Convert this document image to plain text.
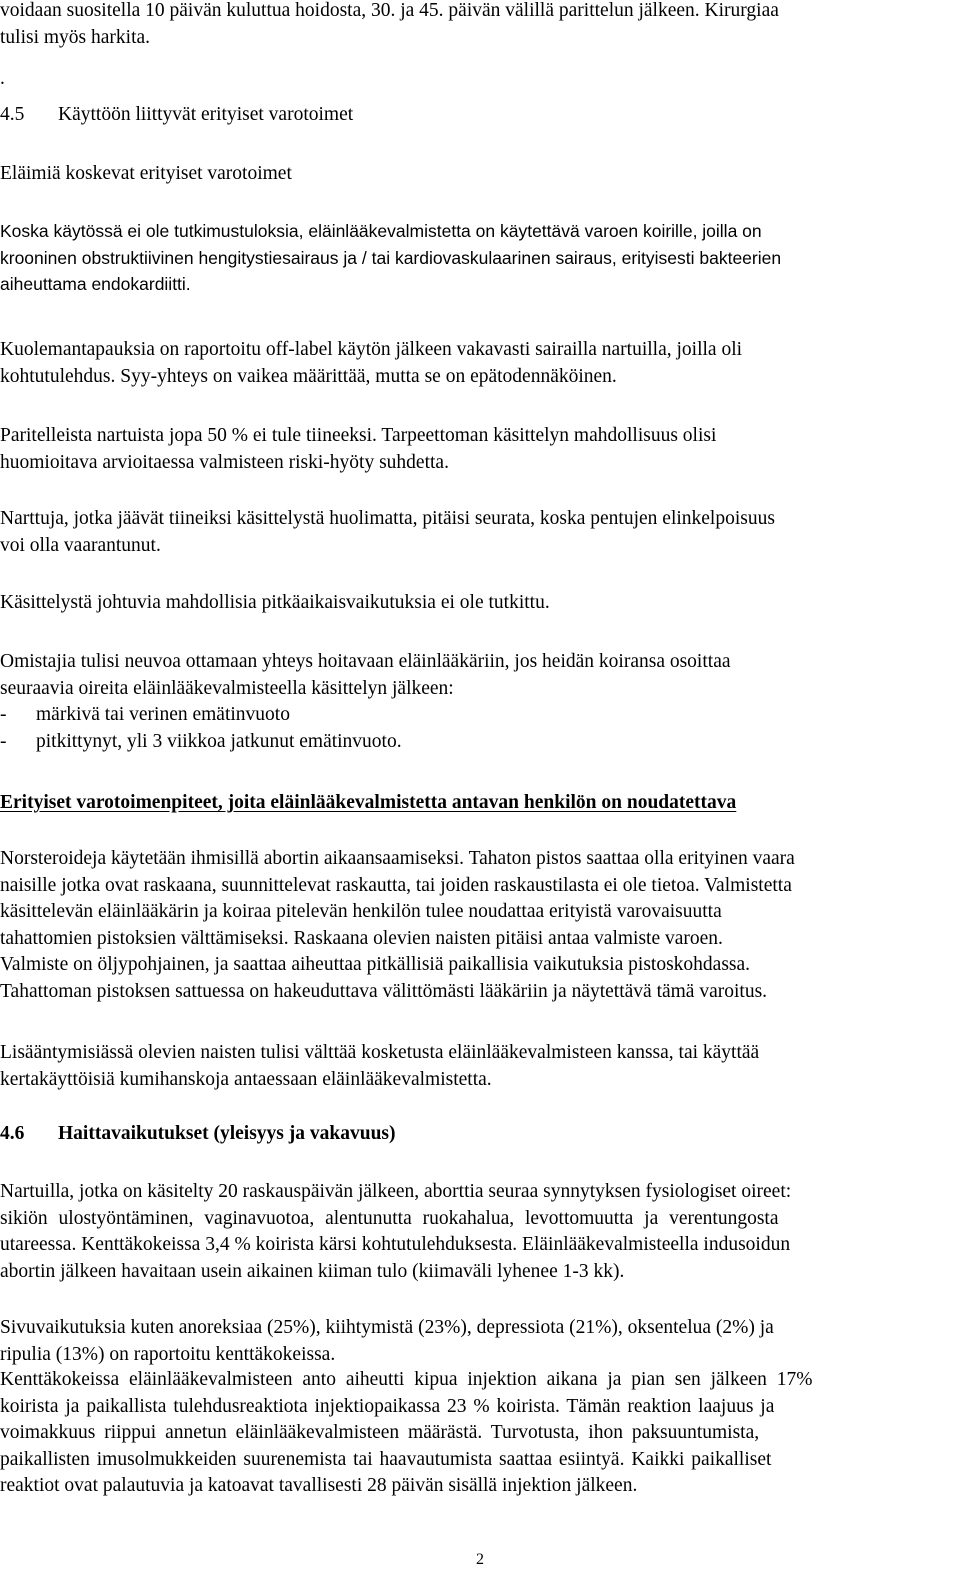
voidaan suositella 10 päivän kuluttua hoidosta, 30. ja 45. päivän välillä parittelun jälkeen. Kirurgiaa
tulisi myös harkita.
.
4.5 Käyttöön liittyvät erityiset varotoimet
Eläimiä koskevat erityiset varotoimet
Koska käytössä ei ole tutkimustuloksia, eläinlääkevalmistetta on käytettävä varoen koirille, joilla on
krooninen obstruktiivinen hengitystiesairaus ja / tai kardiovaskulaarinen sairaus, erityisesti bakteerien
aiheuttama endokardiitti.
Kuolemantapauksia on raportoitu off-label käytön jälkeen vakavasti sairailla nartuilla, joilla oli
kohtutulehdus. Syy-yhteys on vaikea määrittää, mutta se on epätodennäköinen.
Paritelleista nartuista jopa 50 % ei tule tiineeksi. Tarpeettoman käsittelyn mahdollisuus olisi
huomioitava arvioitaessa valmisteen riski-hyöty suhdetta.
Narttuja, jotka jäävät tiineiksi käsittelystä huolimatta, pitäisi seurata, koska pentujen elinkelpoisuus
voi olla vaarantunut.
Käsittelystä johtuvia mahdollisia pitkäaikaisvaikutuksia ei ole tutkittu.
Omistajia tulisi neuvoa ottamaan yhteys hoitavaan eläinlääkäriin, jos heidän koiransa osoittaa
seuraavia oireita eläinlääkevalmisteella käsittelyn jälkeen:
- märkivä tai verinen emätinvuoto
- pitkittynyt, yli 3 viikkoa jatkunut emätinvuoto.
Erityiset varotoimenpiteet, joita eläinlääkevalmistetta antavan henkilön on noudatettava
Norsteroideja käytetään ihmisillä abortin aikaansaamiseksi. Tahaton pistos saattaa olla erityinen vaara
naisille jotka ovat raskaana, suunnittelevat raskautta, tai joiden raskaustilasta ei ole tietoa. Valmistetta
käsittelevän eläinlääkärin ja koiraa pitelevän henkilön tulee noudattaa erityistä varovaisuutta
tahattomien pistoksien välttämiseksi. Raskaana olevien naisten pitäisi antaa valmiste varoen.
Valmiste on öljypohjainen, ja saattaa aiheuttaa pitkällisiä paikallisia vaikutuksia pistoskohdassa.
Tahattoman pistoksen sattuessa on hakeuduttava välittömästi lääkäriin ja näytettävä tämä varoitus.
Lisääntymisiässä olevien naisten tulisi välttää kosketusta eläinlääkevalmisteen kanssa, tai käyttää
kertakäyttöisiä kumihanskoja antaessaan eläinlääkevalmistetta.
4.6 Haittavaikutukset (yleisyys ja vakavuus)
Nartuilla, jotka on käsitelty 20 raskauspäivän jälkeen, aborttia seuraa synnytyksen fysiologiset oireet:
sikiön ulostyöntäminen, vaginavuotoa, alentunutta ruokahalua, levottomuutta ja verentungosta
utareessa. Kenttäkokeissa 3,4 % koirista kärsi kohtutulehduksesta. Eläinlääkevalmisteella indusoidun
abortin jälkeen havaitaan usein aikainen kiiman tulo (kiimaväli lyhenee 1-3 kk).
Sivuvaikutuksia kuten anoreksiaa (25%), kiihtymistä (23%), depressiota (21%), oksentelua (2%) ja
ripulia (13%) on raportoitu kenttäkokeissa.
Kenttäkokeissa eläinlääkevalmisteen anto aiheutti kipua injektion aikana ja pian sen jälkeen 17%
koirista ja paikallista tulehdusreaktiota injektiopaikassa 23 % koirista. Tämän reaktion laajuus ja
voimakkuus riippui annetun eläinlääkevalmisteen määrästä. Turvotusta, ihon paksuuntumista,
paikallisten imusolmukkeiden suurenemista tai haavautumista saattaa esiintyä. Kaikki paikalliset
reaktiot ovat palautuvia ja katoavat tavallisesti 28 päivän sisällä injektion jälkeen.
2
